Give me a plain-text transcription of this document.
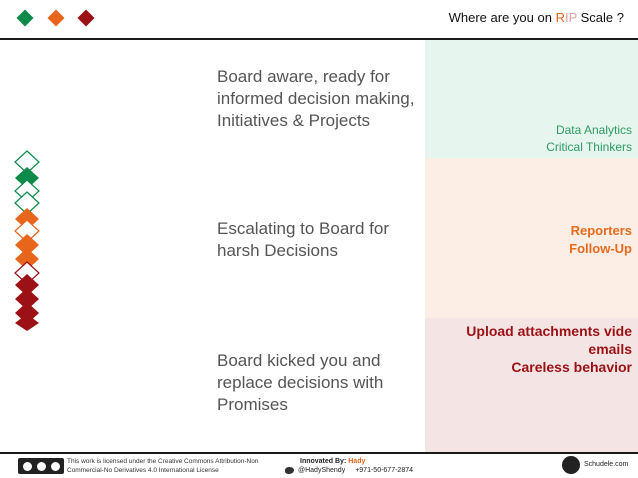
Where are you on RIP Scale ?
Data Analytics
Critical Thinkers
Reporters
Follow-Up
Upload attachments vide emails
Careless behavior
Board aware, ready for informed decision making, Initiatives & Projects
Escalating to Board for harsh Decisions
Board kicked you and replace decisions with Promises
This work is licensed under the Creative Commons Attribution-Non Commercial-No Derivatives 4.0 International License
Innovated By: Hady
@HadyShendy +971-50-677-2874
Schudele.com
